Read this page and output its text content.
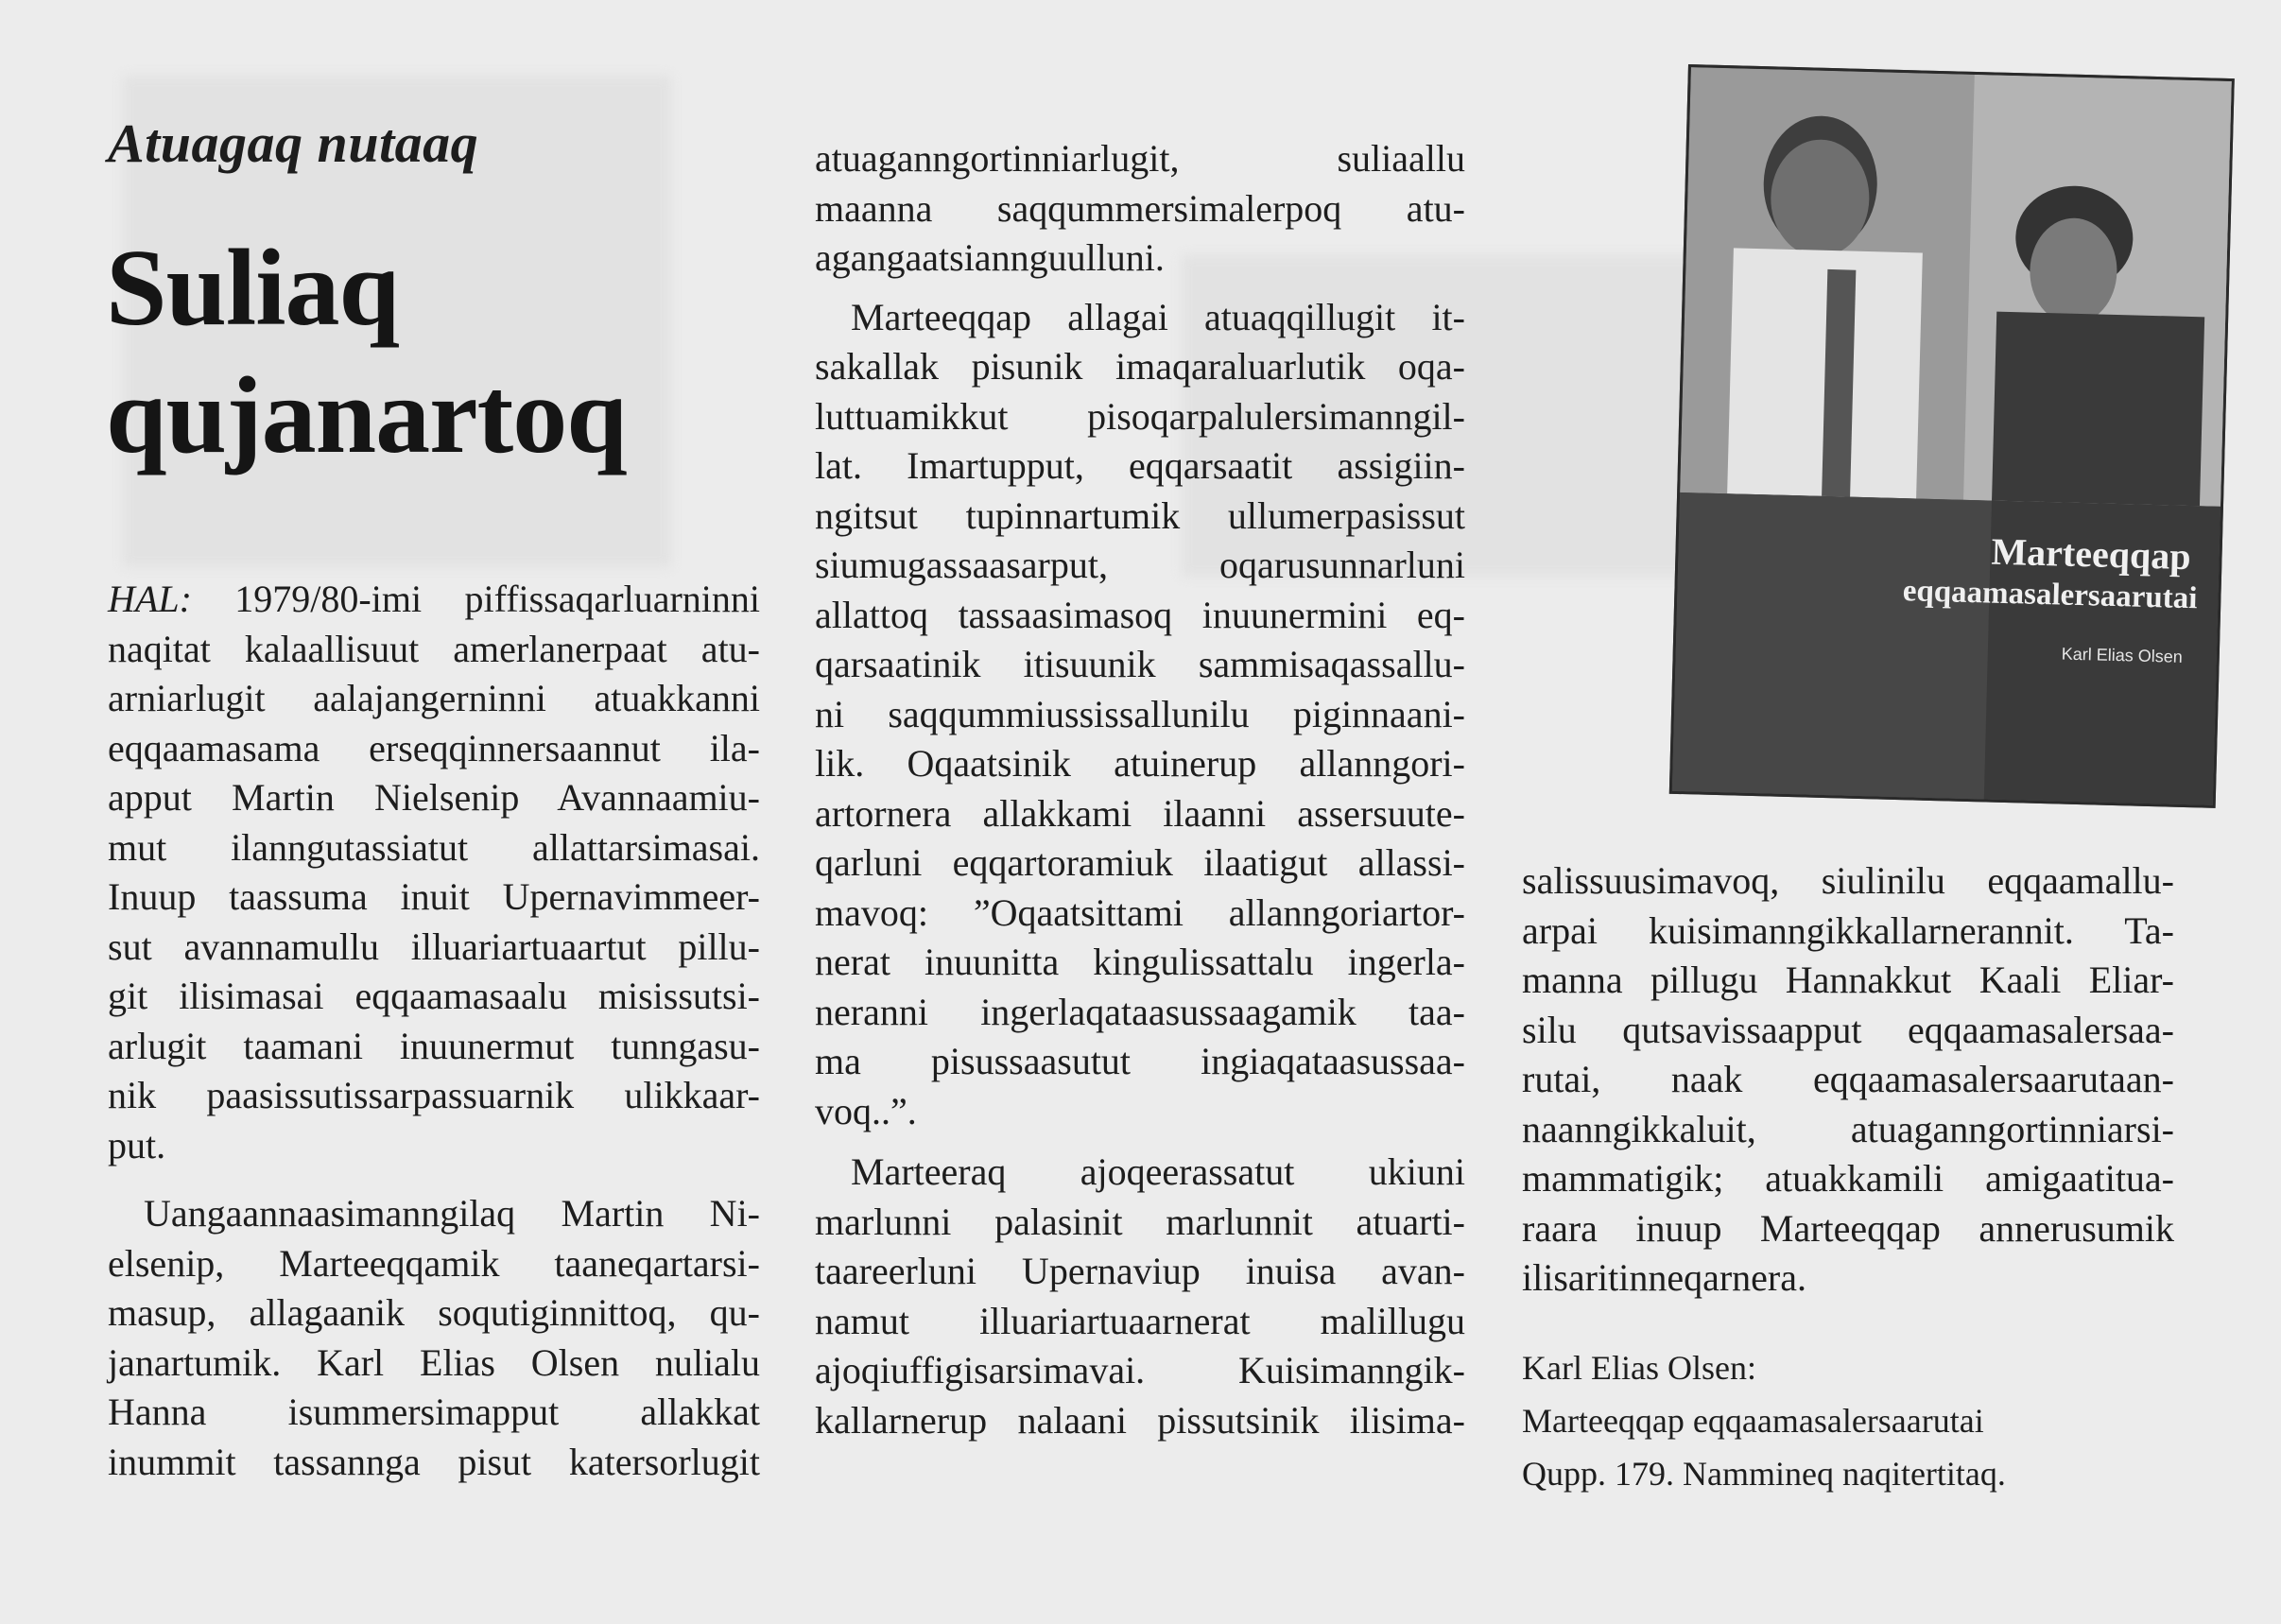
Atuagaq nutaaq
Suliaq
qujanartoq

HAL: 1979/80-imi piffissaqarluarninni
naqitat kalaallisuut amerlanerpaat atu-
arniarlugit aalajangerninni atuakkanni
eqqaamasama erseqqinnersaannut ila-
apput Martin Nielsenip Avannaamiu-
mut ilanngutassiatut allattarsimasai.
Inuup taassuma inuit Upernavimmeer-
sut avannamullu illuariartuaartut pillu-
git ilisimasai eqqaamasaalu misissutsi-
arlugit taamani inuunermut tunngasu-
nik paasissutissarpassuarnik ulikkaar-
put.

Uangaannaasimanngilaq Martin Ni-
elsenip, Marteeqqamik taaneqartarsi-
masup, allagaanik soqutiginnittoq, qu-
janartumik. Karl Elias Olsen nulialu
Hanna isummersimapput allakkat
inummit tassannga pisut katersorlugit

atuaganngortinniarlugit, suliaallu
maanna saqqummersimalerpoq atu-
agangaatsiannguulluni.

Marteeqqap allagai atuaqqillugit it-
sakallak pisunik imaqaraluarlutik oqa-
luttuamikkut pisoqarpalulersimanngil-
lat. Imartupput, eqqarsaatit assigiin-
ngitsut tupinnartumik ullumerpasissut
siumugassaasarput, oqarusunnarluni
allattoq tassaasimasoq inuunermini eq-
qarsaatinik itisuunik sammisaqassallu-
ni saqqummiussissallunilu piginnaani-
lik. Oqaatsinik atuinerup allanngori-
artornera allakkami ilaanni assersuute-
qarluni eqqartoramiuk ilaatigut allassi-
mavoq: ”Oqaatsittami allanngoriartor-
nerat inuunitta kingulissattalu ingerla-
neranni ingerlaqataasussaagamik taa-
ma pisussaasutut ingiaqataasussaa-
voq..”.

Marteeraq ajoqeerassatut ukiuni
marlunni palasinit marlunnit atuarti-
taareerluni Upernaviup inuisa avan-
namut illuariartuaarnerat malillugu
ajoqiuffigisarsimavai. Kuisimanngik-
kallarnerup nalaani pissutsinik ilisima-

Marteeqqap
eqqaamasalersaarutai
Karl Elias Olsen

salissuusimavoq, siulinilu eqqaamallu-
arpai kuisimanngikkallarnerannit. Ta-
manna pillugu Hannakkut Kaali Eliar-
silu qutsavissaapput eqqaamasalersaa-
rutai, naak eqqaamasalersaarutaan-
naanngikkaluit, atuaganngortinniarsi-
mammatigik; atuakkamili amigaatitua-
raara inuup Marteeqqap annerusumik
ilisaritinneqarnera.

Karl Elias Olsen:
Marteeqqap eqqaamasalersaarutai
Qupp. 179. Nammineq naqitertitaq.
